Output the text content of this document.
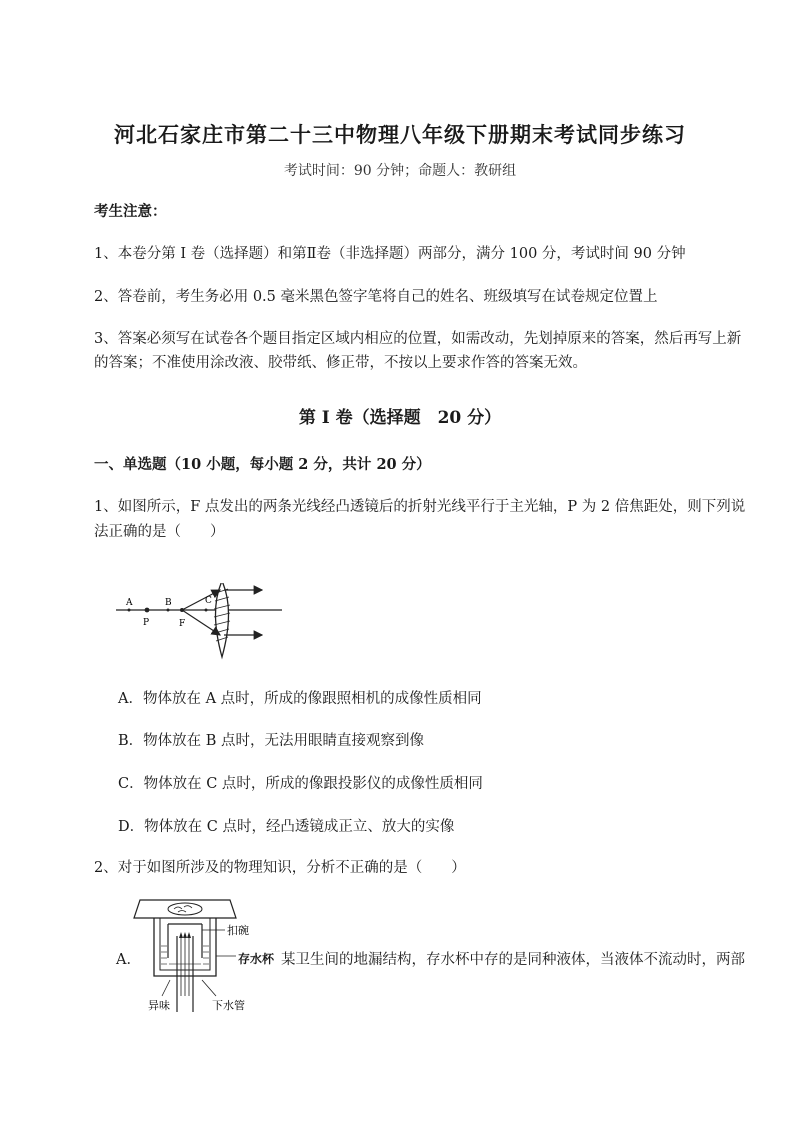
河北石家庄市第二十三中物理八年级下册期末考试同步练习
考试时间：90 分钟；命题人：教研组
考生注意：
1、本卷分第 I 卷（选择题）和第Ⅱ卷（非选择题）两部分，满分 100 分，考试时间 90 分钟
2、答卷前，考生务必用 0.5 毫米黑色签字笔将自己的姓名、班级填写在试卷规定位置上
3、答案必须写在试卷各个题目指定区域内相应的位置，如需改动，先划掉原来的答案，然后再写上新的答案；不准使用涂改液、胶带纸、修正带，不按以上要求作答的答案无效。
第 I 卷（选择题　20 分）
一、单选题（10 小题，每小题 2 分，共计 20 分）
1、如图所示，F 点发出的两条光线经凸透镜后的折射光线平行于主光轴，P 为 2 倍焦距处，则下列说法正确的是（　　）
A
P
B
F
C
A．物体放在 A 点时，所成的像跟照相机的成像性质相同
B．物体放在 B 点时，无法用眼睛直接观察到像
C．物体放在 C 点时，所成的像跟投影仪的成像性质相同
D．物体放在 C 点时，经凸透镜成正立、放大的实像
2、对于如图所涉及的物理知识，分析不正确的是（　　）
扣碗
异味	下水管
A．	存水杯 某卫生间的地漏结构，存水杯中存的是同种液体，当液体不流动时，两部
